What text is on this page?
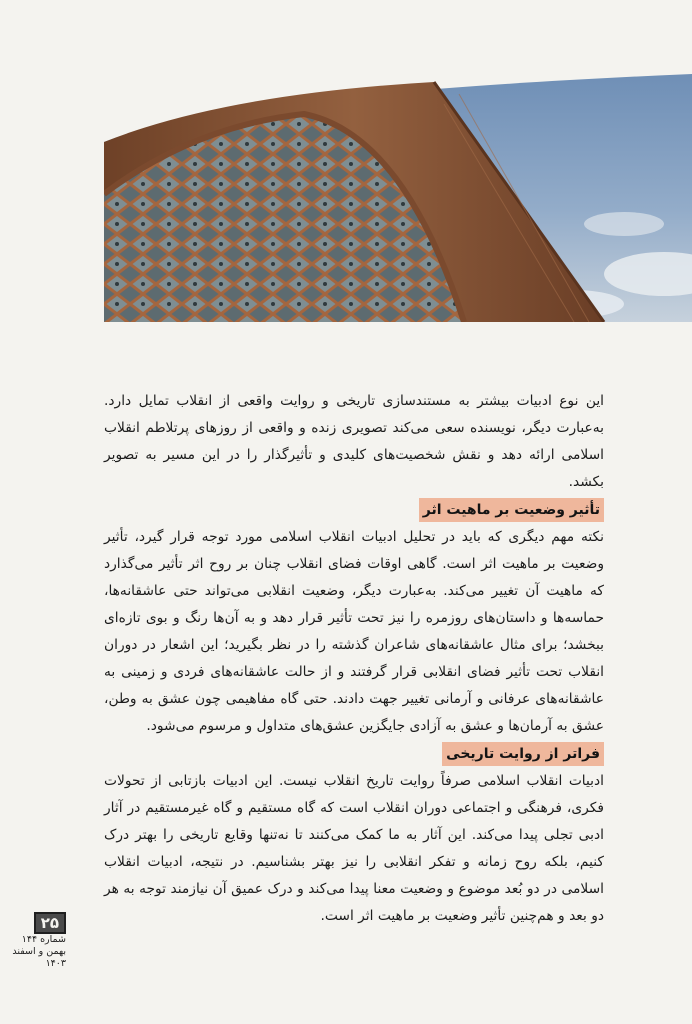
این نوع ادبیات بیشتر به مستندسازی تاریخی و روایت واقعی از انقلاب تمایل دارد. به‌عبارت دیگر، نویسنده سعی می‌کند تصویری زنده و واقعی از روزهای پرتلاطم انقلاب اسلامی ارائه دهد و نقش شخصیت‌های کلیدی و تأثیرگذار را در این مسیر به تصویر بکشد.

تأثیر وضعیت بر ماهیت اثر

نکته مهم دیگری که باید در تحلیل ادبیات انقلاب اسلامی مورد توجه قرار گیرد، تأثیر وضعیت بر ماهیت اثر است. گاهی اوقات فضای انقلاب چنان بر روح اثر تأثیر می‌گذارد که ماهیت آن تغییر می‌کند. به‌عبارت دیگر، وضعیت انقلابی می‌تواند حتی عاشقانه‌ها، حماسه‌ها و داستان‌های روزمره را نیز تحت تأثیر قرار دهد و به آن‌ها رنگ و بوی تازه‌ای ببخشد؛ برای مثال عاشقانه‌های شاعران گذشته را در نظر بگیرید؛ این اشعار در دوران انقلاب تحت تأثیر فضای انقلابی قرار گرفتند و از حالت عاشقانه‌های فردی و زمینی به عاشقانه‌های عرفانی و آرمانی تغییر جهت دادند. حتی گاه مفاهیمی چون عشق به وطن، عشق به آرمان‌ها و عشق به آزادی جایگزین عشق‌های متداول و مرسوم می‌شود.

فراتر از روایت تاریخی

ادبیات انقلاب اسلامی صرفاً روایت تاریخ انقلاب نیست. این ادبیات بازتابی از تحولات فکری، فرهنگی و اجتماعی دوران انقلاب است که گاه مستقیم و گاه غیرمستقیم در آثار ادبی تجلی پیدا می‌کند. این آثار به ما کمک می‌کنند تا نه‌تنها وقایع تاریخی را بهتر درک کنیم، بلکه روح زمانه و تفکر انقلابی را نیز بهتر بشناسیم. در نتیجه، ادبیات انقلاب اسلامی در دو بُعد موضوع و وضعیت معنا پیدا می‌کند و درک عمیق آن نیازمند توجه به هر دو بعد و هم‌چنین تأثیر وضعیت بر ماهیت اثر است.

۲۵
شماره ۱۴۴
بهمن و اسفند ۱۴۰۳
